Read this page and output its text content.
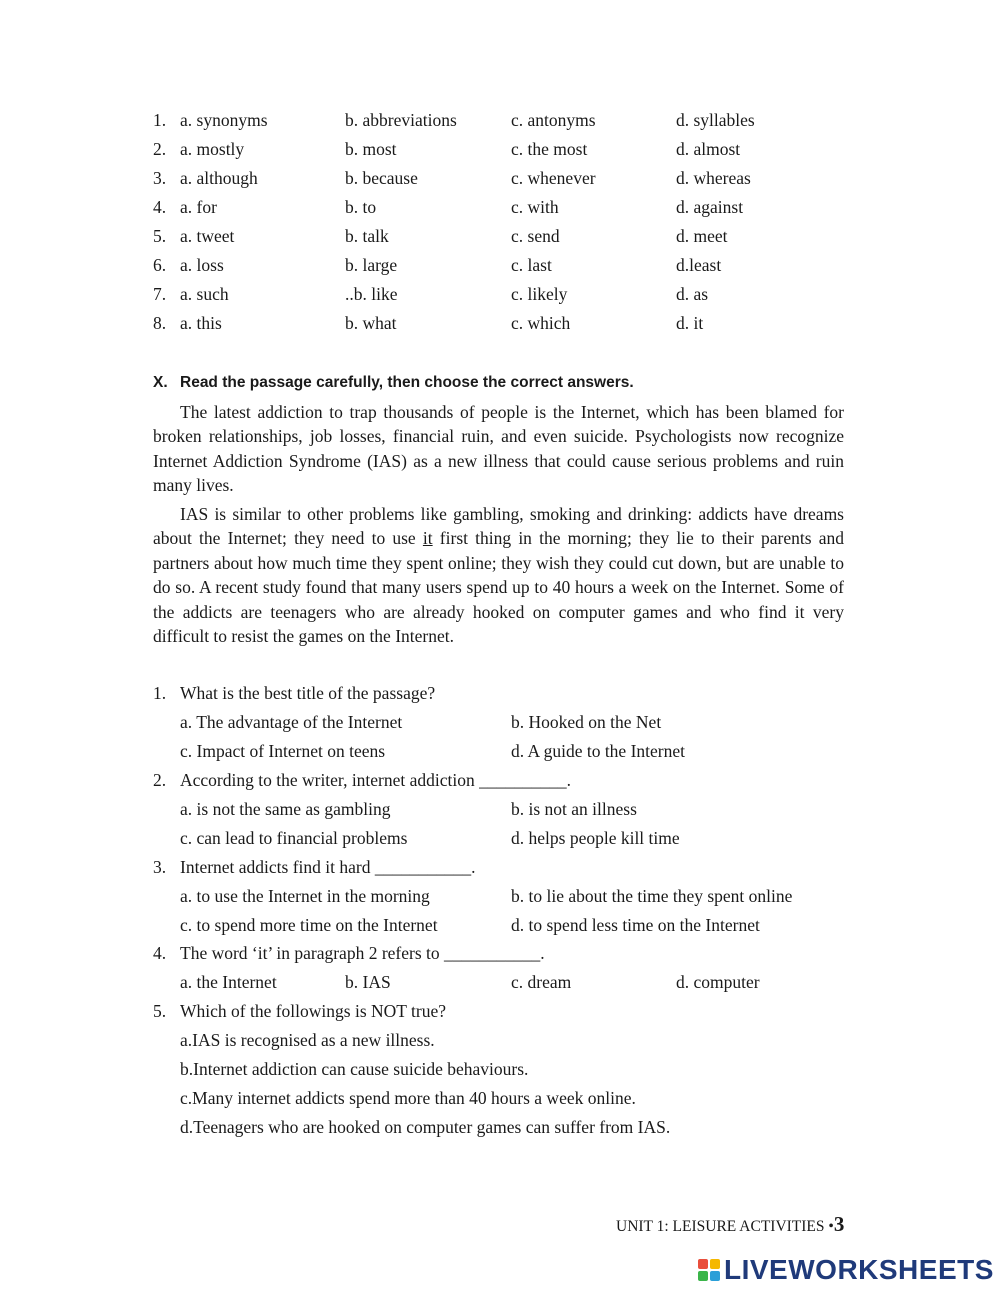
1. a. synonyms	b. abbreviations	c. antonyms	d. syllables
2. a. mostly	b. most	c. the most	d. almost
3. a. although	b. because	c. whenever	d. whereas
4. a. for	b. to	c. with	d. against
5. a. tweet	b. talk	c. send	d. meet
6. a. loss	b. large	c. last	d.least
7. a. such	..b. like	c. likely	d. as
8. a. this	b. what	c. which	d. it
X. Read the passage carefully, then choose the correct answers.

The latest addiction to trap thousands of people is the Internet, which has been blamed for broken relationships, job losses, financial ruin, and even suicide. Psychologists now recognize Internet Addiction Syndrome (IAS) as a new illness that could cause serious problems and ruin many lives.

IAS is similar to other problems like gambling, smoking and drinking: addicts have dreams about the Internet; they need to use it first thing in the morning; they lie to their parents and partners about how much time they spent online; they wish they could cut down, but are unable to do so. A recent study found that many users spend up to 40 hours a week on the Internet. Some of the addicts are teenagers who are already hooked on computer games and who find it very difficult to resist the games on the Internet.

1. What is the best title of the passage?
a. The advantage of the Internet	b. Hooked on the Net
c. Impact of Internet on teens	d. A guide to the Internet
2. According to the writer, internet addiction __________.
a. is not the same as gambling	b. is not an illness
c. can lead to financial problems	d. helps people kill time
3. Internet addicts find it hard ___________.
a. to use the Internet in the morning	b. to lie about the time they spent online
c. to spend more time on the Internet	d. to spend less time on the Internet
4. The word ‘it’ in paragraph 2 refers to ___________.
a. the Internet	b. IAS	c. dream	d. computer
5. Which of the followings is NOT true?
a.IAS is recognised as a new illness.
b.Internet addiction can cause suicide behaviours.
c.Many internet addicts spend more than 40 hours a week online.
d.Teenagers who are hooked on computer games can suffer from IAS.
UNIT 1: LEISURE ACTIVITIES •3
LIVEWORKSHEETS
